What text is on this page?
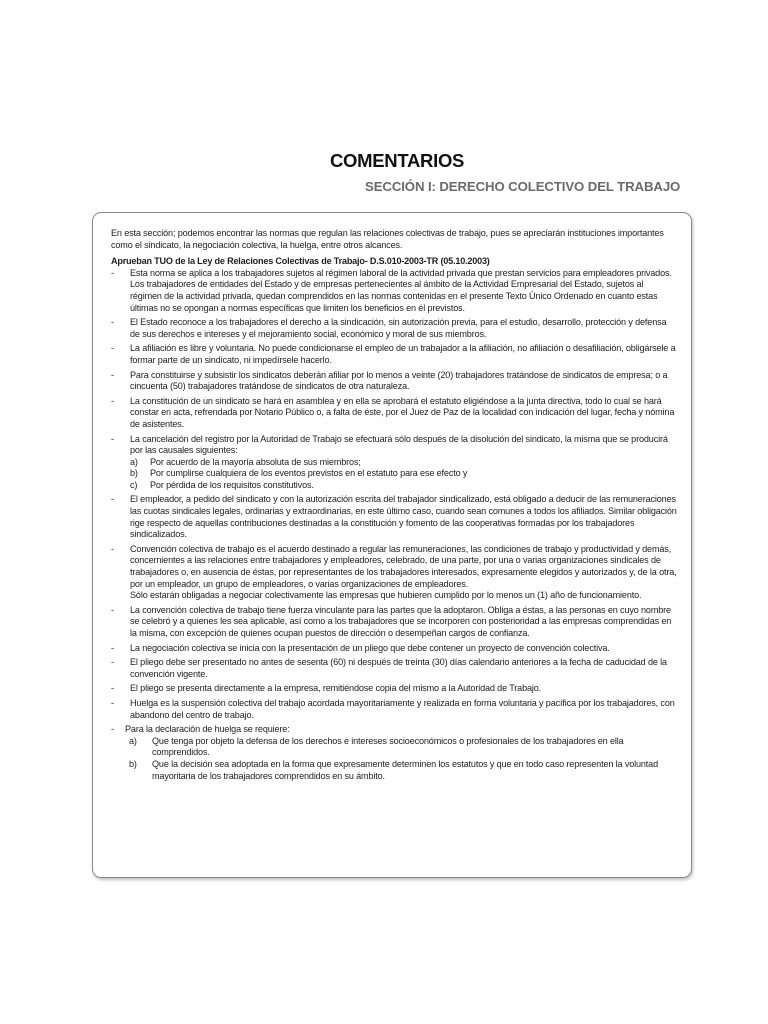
COMENTARIOS
SECCIÓN I: DERECHO COLECTIVO DEL TRABAJO

En esta sección; podemos encontrar las normas que regulan las relaciones colectivas de trabajo, pues se apreciarán instituciones importantes como el sindicato, la negociación colectiva, la huelga, entre otros alcances.

Aprueban TUO de la Ley de Relaciones Colectivas de Trabajo- D.S.010-2003-TR (05.10.2003)

- Esta norma se aplica a los trabajadores sujetos al régimen laboral de la actividad privada que prestan servicios para empleadores privados.

Los trabajadores de entidades del Estado y de empresas pertenecientes al ámbito de la Actividad Empresarial del Estado, sujetos al régimen de la actividad privada, quedan comprendidos en las normas contenidas en el presente Texto Único Ordenado en cuanto estas últimas no se opongan a normas específicas que limiten los beneficios en él previstos.

- El Estado reconoce a los trabajadores el derecho a la sindicación, sin autorización previa, para el estudio, desarrollo, protección y defensa de sus derechos e intereses y el mejoramiento social, económico y moral de sus miembros.

- La afiliación es libre y voluntaria. No puede condicionarse el empleo de un trabajador a la afiliación, no afiliación o desafiliación, obligársele a formar parte de un sindicato, ni impedírsele hacerlo.

- Para constituirse y subsistir los sindicatos deberán afiliar por lo menos a veinte (20) trabajadores tratándose de sindicatos de empresa; o a cincuenta (50) trabajadores tratándose de sindicatos de otra naturaleza.

- La constitución de un sindicato se hará en asamblea y en ella se aprobará el estatuto eligiéndose a la junta directiva, todo lo cual se hará constar en acta, refrendada por Notario Público o, a falta de éste, por el Juez de Paz de la localidad con indicación del lugar, fecha y nómina de asistentes.

- La cancelación del registro por la Autoridad de Trabajo se efectuará sólo después de la disolución del sindicato, la misma que se producirá por las causales siguientes:

a) Por acuerdo de la mayoría absoluta de sus miembros;
b) Por cumplirse cualquiera de los eventos previstos en el estatuto para ese efecto y
c) Por pérdida de los requisitos constitutivos.
- El empleador, a pedido del sindicato y con la autorización escrita del trabajador sindicalizado, está obligado a deducir de las remuneraciones las cuotas sindicales legales, ordinarias y extraordinarias, en este último caso, cuando sean comunes a todos los afiliados. Similar obligación rige respecto de aquellas contribuciones destinadas a la constitución y fomento de las cooperativas formadas por los trabajadores sindicalizados.

- Convención colectiva de trabajo es el acuerdo destinado a regular las remuneraciones, las condiciones de trabajo y productividad y demás, concernientes a las relaciones entre trabajadores y empleadores, celebrado, de una parte, por una o varias organizaciones sindicales de trabajadores o, en ausencia de éstas, por representantes de los trabajadores interesados, expresamente elegidos y autorizados y, de la otra, por un empleador, un grupo de empleadores, o varias organizaciones de empleadores.

Sólo estarán obligadas a negociar colectivamente las empresas que hubieren cumplido por lo menos un (1) año de funcionamiento.

- La convención colectiva de trabajo tiene fuerza vinculante para las partes que la adoptaron. Obliga a éstas, a las personas en cuyo nombre se celebró y a quienes les sea aplicable, así como a los trabajadores que se incorporen con posterioridad a las empresas comprendidas en la misma, con excepción de quienes ocupan puestos de dirección o desempeñan cargos de confianza.

- La negociación colectiva se inicia con la presentación de un pliego que debe contener un proyecto de convención colectiva.

- El pliego debe ser presentado no antes de sesenta (60) ni después de treinta (30) días calendario anteriores a la fecha de caducidad de la convención vigente.

- El pliego se presenta directamente a la empresa, remitiéndose copia del mismo a la Autoridad de Trabajo.

- Huelga es la suspensión colectiva del trabajo acordada mayoritariamente y realizada en forma voluntaria y pacífica por los trabajadores, con abandono del centro de trabajo.

- Para la declaración de huelga se requiere:

a) Que tenga por objeto la defensa de los derechos e intereses socioeconómicos o profesionales de los trabajadores en ella comprendidos.
b) Que la decisión sea adoptada en la forma que expresamente determinen los estatutos y que en todo caso representen la voluntad mayoritaria de los trabajadores comprendidos en su ámbito.
